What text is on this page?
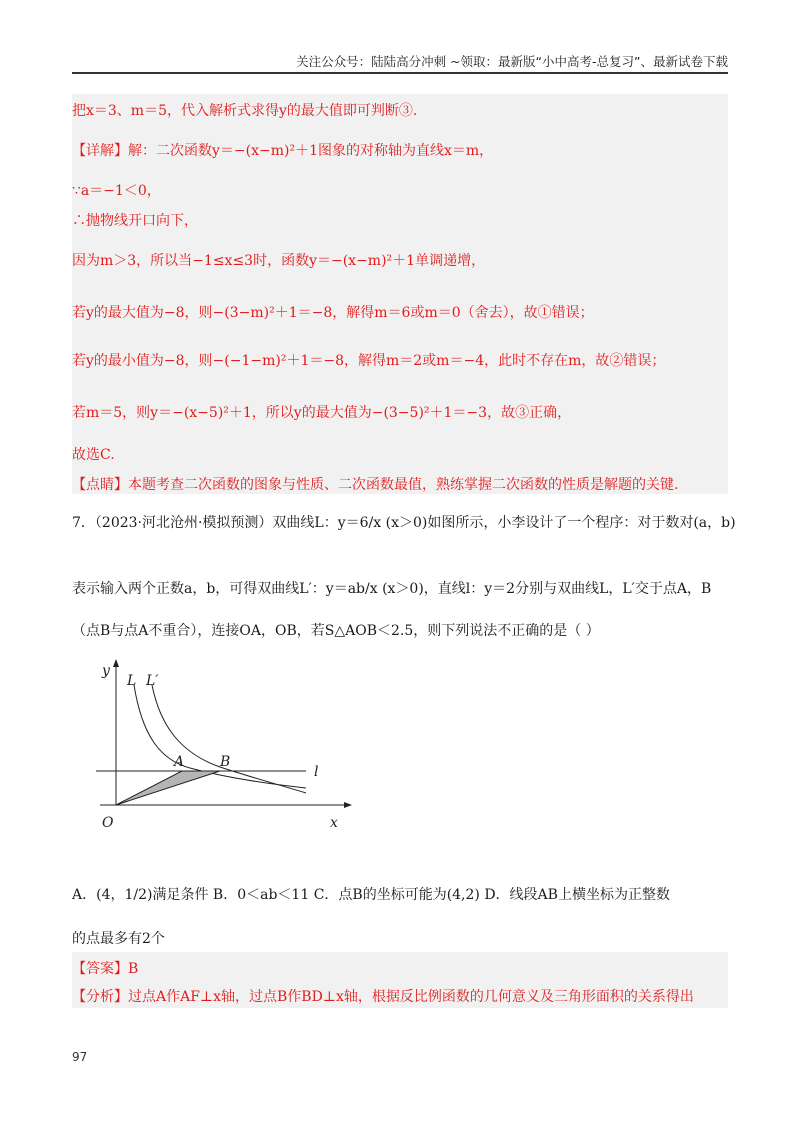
关注公众号：陆陆高分冲刺 ~领取：最新版“小中高考-总复习”、最新试卷下载
把x＝3、m＝5，代入解析式求得y的最大值即可判断③.
【详解】解：二次函数y＝−(x−m)²＋1图象的对称轴为直线x＝m，
∵a＝−1＜0，
∴抛物线开口向下，
因为m＞3，所以当−1≤x≤3时，函数y＝−(x−m)²＋1单调递增，
若y的最大值为−8，则−(3−m)²＋1＝−8，解得m＝6或m＝0（舍去），故①错误；
若y的最小值为−8，则−(−1−m)²＋1＝−8，解得m＝2或m＝−4，此时不存在m，故②错误；
若m＝5，则y＝−(x−5)²＋1，所以y的最大值为−(3−5)²＋1＝−3，故③正确，
故选C.
【点睛】本题考查二次函数的图象与性质、二次函数最值，熟练掌握二次函数的性质是解题的关键.
7．（2023·河北沧州·模拟预测）双曲线L：y＝6/x (x＞0)如图所示，小李设计了一个程序：对于数对(a，b)
表示输入两个正数a，b，可得双曲线L′：y＝ab/x (x＞0)，直线l：y＝2分别与双曲线L，L′交于点A，B
（点B与点A不重合），连接OA，OB，若S△AOB＜2.5，则下列说法不正确的是（ ）
y
x
O
L L′
A	B
l
A．(4，1/2)满足条件 B．0＜ab＜11 C．点B的坐标可能为(4,2) D．线段AB上横坐标为正整数
的点最多有2个
【答案】B
【分析】过点A作AF⊥x轴，过点B作BD⊥x轴，根据反比例函数的几何意义及三角形面积的关系得出
97
